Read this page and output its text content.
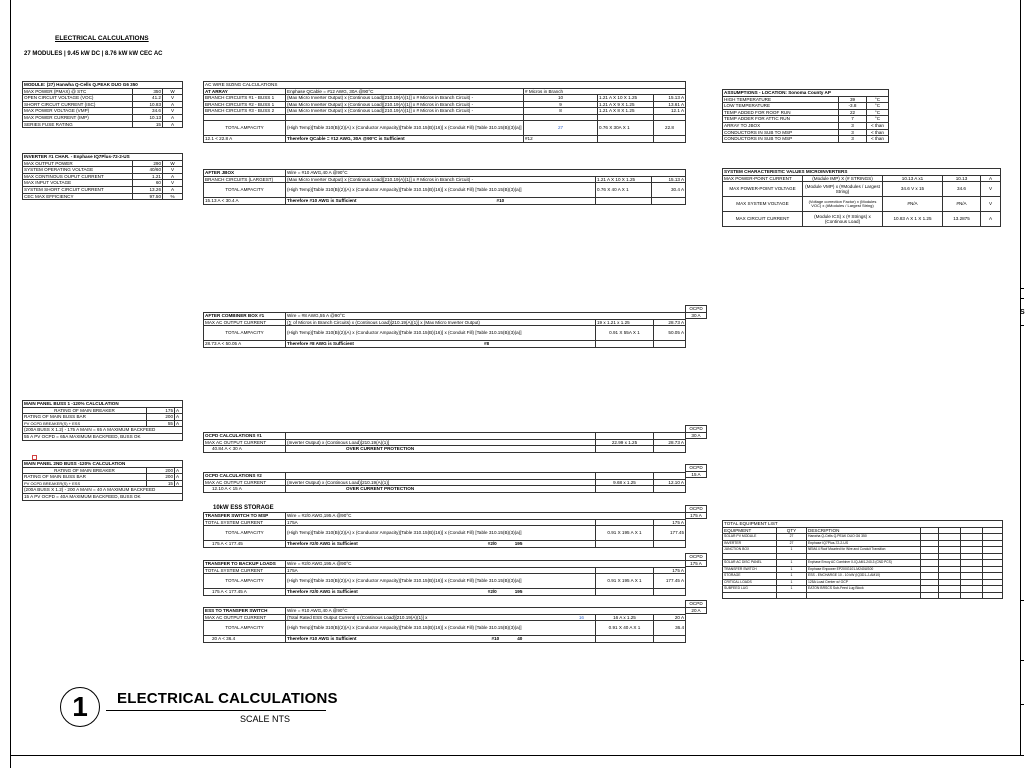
S
ELECTRICAL CALCULATIONS
27 MODULES | 9.45 kW DC | 8.76 kW kW CEC AC
MODULE: (27) Hanwha Q-Cells Q.PEAK DUO G6 350		
MAX POWER (PMAX) @ STC	350	W
OPEN CIRCUIT VOLTAGE (VOC)	41.2	V
SHORT CIRCUIT CURRENT (ISC)	10.83	A
MAX POWER VOLTAGE (VMP)	34.6	V
MAX POWER CURRENT (IMP)	10.13	A
SERIES FUSE RATING	15	A
INVERTER #1 CHAR. - Enphase IQ7Plus-72-2-US		
MAX OUTPUT POWER	290	W
SYSTEM OPERATING VOLTAGE	40/60	V
MAX CONTINOUS OUPUT CURRENT	1.21	A
MAX INPUT VOLTAGE	60	V
SYSTEM SHORT CIRCUIT CURRENT	13.26	A
CEC MAX EFFICIENCY	97.50	%
AC WIRE SIZING CALCULATIONS				
AT ARRAY	Enphase QCable = #12 AWG, 30A @90°C	# Micros in Branch		
BRANCH CIRCUITS #1 - BUSS 1	(Max Micro Inverter Output) x (Continous Load)[210.19(A)(1)] x # Micros in Branch Circuit) -	10	1.21 A X 10 X 1.25	15.13 A
BRANCH CIRCUITS #2 - BUSS 1	(Max Micro Inverter Output) x (Continous Load)[210.19(A)(1)] x # Micros in Branch Circuit) -	9	1.21 A X 9 X 1.25	13.61 A
BRANCH CIRCUITS #3 - BUSS 2	(Max Micro Inverter Output) x (Continous Load)[210.19(A)(1)] x # Micros in Branch Circuit) -	8	1.21 A X 8 X 1.25	12.1 A

TOTAL AMPACITY	(High Temp)[Table 310(B)(2)(A) x (Conductor Ampacity)[Table 310.15(B)(16)] x (Conduit Fill) [Table 310.15(B)(3)(a)]	27	0.76 X 30A X 1	22.8
12.1 < 22.8 A	Therefore QCable = #12 AWG, 30A @90°C is Sufficient	#12		
AFTER JBOX	Wire = #10 AWG,40 A @90°C		
BRANCH CIRCUITS (LARGEST)	(Max Micro Inverter Output) x (Continous Load)[210.19(A)(1)] x # Micros in Branch Circuit) -	1.21 A X 10 X 1.25	15.13 A
TOTAL AMPACITY	(High Temp)[Table 310(B)(2)(A) x (Conductor Ampacity)[Table 310.15(B)(16)] x (Conduit Fill) [Table 310.15(B)(3)(a)]	0.76 X 40 A X 1	30.4 A
15.13 A < 30.4 A	Therefore #10 AWG is Sufficient #10		
ASSUMPTIONS - LOCATION: Sonoma County AP		
HIGH TEMPERATURE	39	°C
LOW TEMPERATURE	-3.8	°C
TEMP ADDED FOR ROOF RUN	22	°C
TEMP ADDER FOR ATTIC RUN	7	°C
ARRAY TO JBOX	3	< than
CONDUCTORS IN SUB TO MSP	3	< than
CONDUCTORS IN SUB TO MSP	3	< than
SYSTEM CHARACTERISTIC VALUES MICROINVERTERS				
MAX POWER-POINT CURRENT	(Module IMP) X (# STRINGS)	10.13 A x1	10.13	A
MAX POWER-POINT VOLTAGE	(Module VMP) x (#Modules / Largest String)	34.6 V x 15	34.6	V
MAX SYSTEM VOLTAGE	(Voltage correction Factor) x (Modules VOC) x (#Modules / Largest String)	#N/A	#N/A	V
MAX CIRCUIT CURRENT	(Module ICS) x (# Strings) x (Continous Load)	10.83 A X 1 X 1.25	13.2875	A
OCPD
30 A
AFTER COMBINER BOX #1	Wire = #8 AWG,55 A @90°C		
MAX AC OUTPUT CURRENT	(∑ of Micros in Branch Circuits) x (Continous Load)[210.19(A)(1)] x (Max Micro Inverter Output)	19 x 1.21 x 1.25	28.73 A
TOTAL AMPACITY	(High Temp)[Table 310(B)(2)(A) x (Conductor Ampacity)[Table 310.15(B)(16)] x (Conduit Fill) [Table 310.15(B)(3)(a)]	0.91 X 55A X 1	50.05 A
28.73 A < 50.05 A	Therefore #8 AWG is Sufficient #8		
MAIN PANEL BUSS 1 -120% CALCULATION		
RATING OF MAIN BREAKER	175	A
RATING OF MAIN BUSS BAR	200	A
PV OCPD BREAKER(S) + ESS	55	A
(200A BUSS X 1.2) - 175 A MAIN = 65 A MAXIMUM BACKFEED		
55 A PV OCPD = 65A MAXIMUM BACKFEED, BUSS OK		
MAIN PANEL 2ND BUSS -120% CALCULATION		
RATING OF MAIN BREAKER	200	A
RATING OF MAIN BUSS BAR	200	A
PV OCPD BREAKER(S) + ESS	15	A
(200A BUSS X 1.2) - 200 A MAIN = 40 A MAXIMUM BACKFEED		
15 A PV OCPD = 40A MAXIMUM BACKFEED, BUSS OK		
OCPD
30 A
OCPD CALCULATIONS #1			
MAX AC OUTPUT CURRENT	(Inverter Output) x (Continous Load)[210.19(A)(1)]	22.99 x 1.25	28.73 A
40.84 A < 30 A	OVER CURRENT PROTECTION		
OCPD
15 A
OCPD CALCULATIONS #2			
MAX AC OUTPUT CURRENT	(Inverter Output) x (Continous Load)[210.19(A)(1)]	9.68 x 1.25	12.10 A
12.10 A < 15 A	OVER CURRENT PROTECTION		
10kW ESS STORAGE	OCPD
175 A
TRANSFER SWITCH TO MSP	Wire = #2/0 AWG,195 A @90°C		
TOTAL SYSTEM CURRENT	175A		175 A
TOTAL AMPACITY	(High Temp)[Table 310(B)(2)(A) x (Conductor Ampacity)[Table 310.15(B)(16)] x (Conduit Fill) [Table 310.15(B)(3)(a)]	0.91 X 195 A X 1	177.45
175 A < 177.45	Therefore #2/0 AWG is Sufficient #2/0 195		
OCPD
175 A
TRANSFER TO BACKUP LOADS	Wire = #2/0 AWG,195 A @90°C		
TOTAL SYSTEM CURRENT	175A		175 A
TOTAL AMPACITY	(High Temp)[Table 310(B)(2)(A) x (Conductor Ampacity)[Table 310.15(B)(16)] x (Conduit Fill) [Table 310.15(B)(3)(a)]	0.91 X 195 A X 1	177.45 A
175 A < 177.45 A	Therefore #2/0 AWG is Sufficient #2/0 195		
OCPD
20 A
ESS TO TRANSFER SWITCH	Wire = #10 AWG,40 A @90°C		
MAX AC OUTPUT CURRENT	(Total Rated ESS Output Current) x (Continous Load)[210.19(A)(1)] x 16	16 A x 1.25	20 A
TOTAL AMPACITY	(High Temp)[Table 310(B)(2)(A) x (Conductor Ampacity)[Table 310.15(B)(16)] x (Conduit Fill) [Table 310.15(B)(3)(a)]	0.91 X 40 A X 1	36.4
20 A < 36.4	Therefore #10 AWG is Sufficient #10 40		
TOTAL EQUIPMENT LIST						
EQUIPMENT	QTY	DESCRIPTION				
SOLAR PV MODULE	27	Hanwha Q-Cells Q.PEAK DUO G6 350				
INVERTER	27	Enphase IQ7Plus-72-2-US				
JUNCTION BOX	1	NEMA 4 Roof Mounted for Wire and Conduit Transition				

SOLAR AC DISC PANEL	1	Enphase Envoy AC Combiner X-IQ-AM1-240-3 (CND PCS)				
TRANSFER SWITCH	1	Enphase Enpower EP200G101-M240US00				
STORAGE	1	ESS - ENCHARGE 10 - 10 kW (IQ3D1-J-AM10)				
CRITICAL LOADS	1	125A Load Center w/ OCP				
SUBFEED LUG	1	EATON BRSCS Sub-Feed Lug Block				

1	ELECTRICAL CALCULATIONS
SCALE NTS
